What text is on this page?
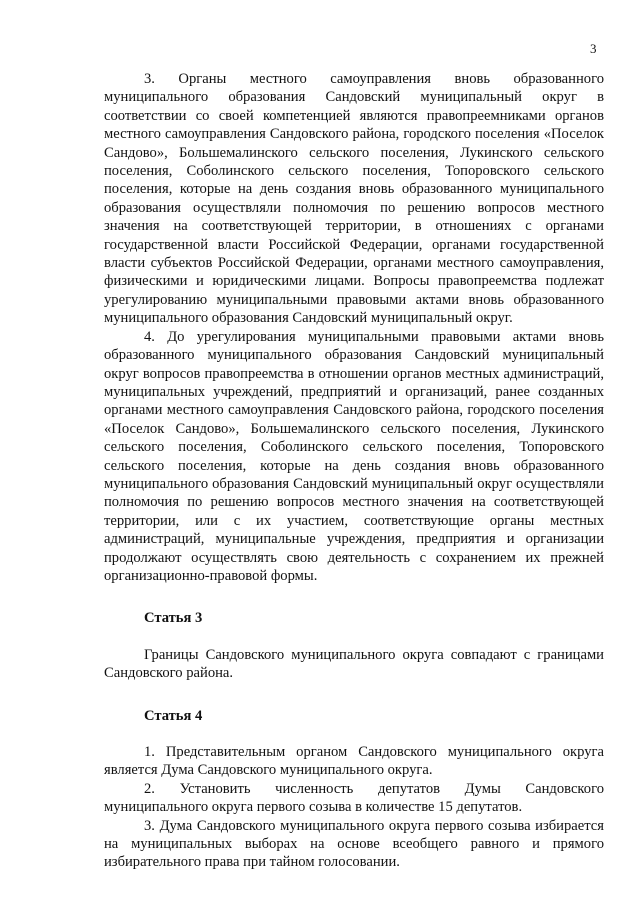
3

3. Органы местного самоуправления вновь образованного муниципального образования Сандовский муниципальный округ в соответствии со своей компетенцией являются правопреемниками органов местного самоуправления Сандовского района, городского поселения «Поселок Сандово», Большемалинского сельского поселения, Лукинского сельского поселения, Соболинского сельского поселения, Топоровского сельского поселения, которые на день создания вновь образованного муниципального образования осуществляли полномочия по решению вопросов местного значения на соответствующей территории, в отношениях с органами государственной власти Российской Федерации, органами государственной власти субъектов Российской Федерации, органами местного самоуправления, физическими и юридическими лицами. Вопросы правопреемства подлежат урегулированию муниципальными правовыми актами вновь образованного муниципального образования Сандовский муниципальный округ.

4. До урегулирования муниципальными правовыми актами вновь образованного муниципального образования Сандовский муниципальный округ вопросов правопреемства в отношении органов местных администраций, муниципальных учреждений, предприятий и организаций, ранее созданных органами местного самоуправления Сандовского района, городского поселения «Поселок Сандово», Большемалинского сельского поселения, Лукинского сельского поселения, Соболинского сельского поселения, Топоровского сельского поселения, которые на день создания вновь образованного муниципального образования Сандовский муниципальный округ осуществляли полномочия по решению вопросов местного значения на соответствующей территории, или с их участием, соответствующие органы местных администраций, муниципальные учреждения, предприятия и организации продолжают осуществлять свою деятельность с сохранением их прежней организационно-правовой формы.

Статья 3

Границы Сандовского муниципального округа совпадают с границами Сандовского района.

Статья 4

1. Представительным органом Сандовского муниципального округа является Дума Сандовского муниципального округа.

2. Установить численность депутатов Думы Сандовского муниципального округа первого созыва в количестве 15 депутатов.

3. Дума Сандовского муниципального округа первого созыва избирается на муниципальных выборах на основе всеобщего равного и прямого избирательного права при тайном голосовании.
